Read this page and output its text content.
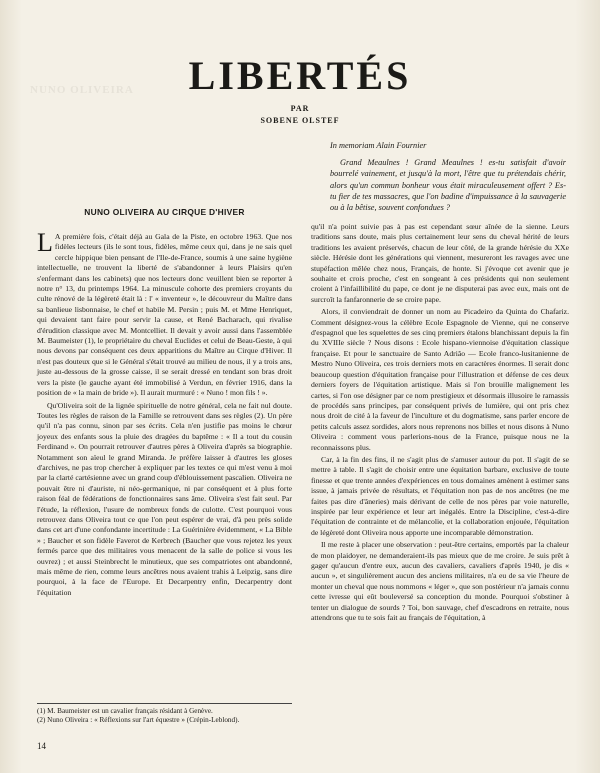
NUNO OLIVEIRA	LIBERTÉS
PAR
SOBENE OLSTEF

In memoriam Alain Fournier

Grand Meaulnes ! Grand Meaulnes ! es-tu satisfait d'avoir bourrelé vainement, et jusqu'à la mort, l'être que tu prétendais chérir, alors qu'un commun bonheur vous était miraculeusement offert ? Es-tu fier de tes massacres, que l'on badine d'impuissance à la sauvagerie ou à la bêtise, souvent confondues ?

NUNO OLIVEIRA AU CIRQUE D'HIVER

L A première fois, c'était déjà au Gala de la Piste, en octobre 1963. Que nos fidèles lecteurs (ils le sont tous, fidèles, même ceux qui, dans je ne sais quel cercle hippique bien pensant de l'Ile-de-France, soumis à une saine hygiène intellectuelle, ne trouvent la liberté de s'abandonner à leurs Plaisirs qu'en s'enfermant dans les cabinets) que nos lecteurs donc veuillent bien se reporter à notre n° 13, du printemps 1964. La minuscule cohorte des premiers croyants du culte rénové de la légèreté était là : l' « inventeur », le découvreur du Maître dans sa banlieue lisbonnaise, le chef et habile M. Persin ; puis M. et Mme Henriquet, qui devaient tant faire pour servir la cause, et René Bacharach, qui rivalise d'érudition classique avec M. Montcelliet. Il devait y avoir aussi dans l'assemblée M. Baumeister (1), le propriétaire du cheval Euclides et celui de Beau-Geste, à qui nous devons par conséquent ces deux apparitions du Maître au Cirque d'Hiver. Il n'est pas douteux que si le Général s'était trouvé au milieu de nous, il y a trois ans, juste au-dessous de la grosse caisse, il se serait dressé en tendant son bras droit vers la piste (le gauche ayant été immobilisé à Verdun, en février 1916, dans la position de « la main de bride »). Il aurait murmuré : « Nuno ! mon fils ! ».

Qu'Oliveira soit de la lignée spirituelle de notre général, cela ne fait nul doute. Toutes les règles de raison de la Famille se retrouvent dans ses règles (2). Un père qu'il n'a pas connu, sinon par ses écrits. Cela n'en justifie pas moins le chœur joyeux des enfants sous la pluie des dragées du baptême : « Il a tout du cousin Ferdinand ». On pourrait retrouver d'autres pères à Oliveira d'après sa biographie. Notamment son aïeul le grand Miranda. Je préfère laisser à d'autres les gloses d'archives, ne pas trop chercher à expliquer par les textes ce qui m'est venu à moi par la clarté cartésienne avec un grand coup d'éblouissement pascalien. Oliveira ne pouvait être ni d'auriste, ni néo-germanique, ni par conséquent et à plus forte raison féal de fédérations de fonctionnaires sans âme. Oliveira s'est fait seul. Par l'étude, la réflexion, l'usure de nombreux fonds de culotte. C'est pourquoi vous retrouvez dans Oliveira tout ce que l'on peut espérer de vrai, d'à peu près solide dans cet art d'une confondante incertitude : La Guérinière évidemment, « La Bible » ; Baucher et son fidèle Faverot de Kerbrech (Baucher que vous rejetez les yeux fermés parce que des militaires vous menacent de la salle de police si vous les ouvrez) ; et aussi Steinbrecht le minutieux, que ses compatriotes ont abandonné, mais même de rien, comme leurs ancêtres nous avaient trahis à Leipzig, sans dire pourquoi, à la face de l'Europe. Et Decarpentry enfin, Decarpentry dont l'équitation

qu'il n'a point suivie pas à pas est cependant sœur aînée de la sienne. Leurs traditions sans doute, mais plus certainement leur sens du cheval hérité de leurs traditions les avaient préservés, chacun de leur côté, de la grande hérésie du XXe siècle. Hérésie dont les générations qui viennent, mesureront les ravages avec une stupéfaction mêlée chez nous, Français, de honte. Si j'évoque cet avenir que je souhaite et crois proche, c'est en songeant à ces présidents qui non seulement croient à l'infaillibilité du pape, ce dont je ne disputerai pas avec eux, mais ont de surcroît la fanfaronnerie de se croire pape.

Alors, il conviendrait de donner un nom au Picadeiro da Quinta do Chafariz. Comment désignez-vous la célèbre Ecole Espagnole de Vienne, qui ne conserve d'espagnol que les squelettes de ses cinq premiers étalons blanchissant depuis la fin du XVIIIe siècle ? Nous disons : Ecole hispano-viennoise d'équitation classique française. Et pour le sanctuaire de Santo Adrião — Ecole franco-lusitanienne de Mestro Nuno Oliveira, ces trois derniers mots en caractères énormes. Il serait donc beaucoup question d'équitation française pour l'illustration et défense de ces deux derniers foyers de l'équitation artistique. Mais si l'on brouille malignement les cartes, si l'on ose désigner par ce nom prestigieux et désormais illusoire le ramassis de procédés sans principes, par conséquent privés de lumière, qui ont pris chez nous droit de cité à la faveur de l'inculture et du dogmatisme, sans parler encore de petits calculs assez sordides, alors nous reprenons nos billes et nous disons à Nuno Oliveira : comment vous parlerions-nous de la France, puisque nous ne la reconnaissons plus.

Car, à la fin des fins, il ne s'agit plus de s'amuser autour du pot. Il s'agit de se mettre à table. Il s'agit de choisir entre une équitation barbare, exclusive de toute finesse et que trente années d'expériences en tous domaines amènent à estimer sans issue, à jamais privée de résultats, et l'équitation non pas de nos ancêtres (ne me faites pas dire d'âneries) mais dérivant de celle de nos pères par voie naturelle, inspirée par leur expérience et leur art inégalés. Entre la Discipline, c'est-à-dire l'équitation de contrainte et de mélancolie, et la collaboration enjouée, l'équitation de légèreté dont Oliveira nous apporte une incomparable démonstration.

Il me reste à placer une observation : peut-être certains, emportés par la chaleur de mon plaidoyer, ne demanderaient-ils pas mieux que de me croire. Je suis prêt à gager qu'aucun d'entre eux, aucun des cavaliers, cavaliers d'après 1940, je dis « aucun », et singulièrement aucun des anciens militaires, n'a eu de sa vie l'heure de monter un cheval que nous nommons « léger », que son postérieur n'a jamais connu cette ivresse qui eût bouleversé sa conception du monde. Pourquoi s'obstiner à tenter un dialogue de sourds ? Toi, bon sauvage, chef d'escadrons en retraite, nous attendrons que tu te sois fait au français de l'équitation, à

(1) M. Baumeister est un cavalier français résidant à Genève.
(2) Nuno Oliveira : « Réflexions sur l'art équestre » (Crépin-Leblond).
14
